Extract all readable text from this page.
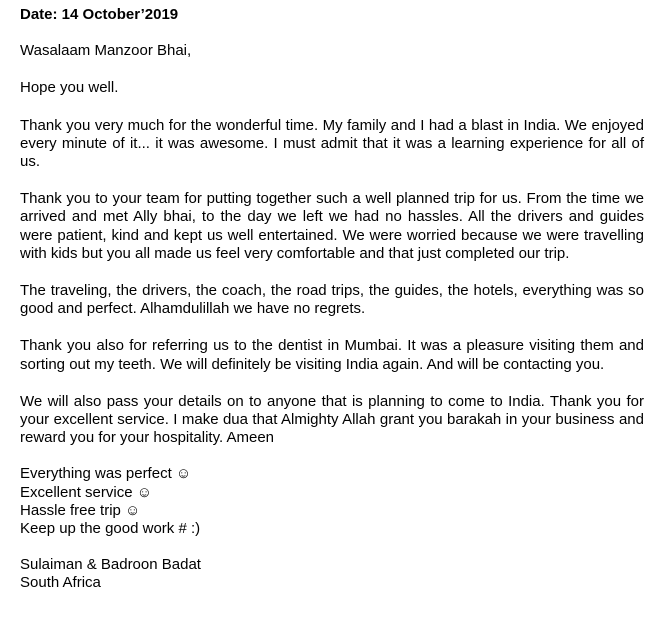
Date: 14 October’2019
Wasalaam Manzoor Bhai,
Hope you well.
Thank you very much for the wonderful time. My family and I had a blast in India. We enjoyed every minute of it... it was awesome. I must admit that it was a learning experience for all of us.
Thank you to your team for putting together such a well planned trip for us. From the time we arrived and met Ally bhai, to the day we left we had no hassles. All the drivers and guides were patient, kind and kept us well entertained. We were worried because we were travelling with kids but you all made us feel very comfortable and that just completed our trip.
The traveling, the drivers, the coach, the road trips, the guides, the hotels, everything was so good and perfect. Alhamdulillah we have no regrets.
Thank you also for referring us to the dentist in Mumbai. It was a pleasure visiting them and sorting out my teeth. We will definitely be visiting India again. And will be contacting you.
We will also pass your details on to anyone that is planning to come to India. Thank you for your excellent service. I make dua that Almighty Allah grant you barakah in your business and reward you for your hospitality. Ameen
Everything was perfect ☺
Excellent service ☺
Hassle free trip ☺
Keep up the good work # :)
Sulaiman & Badroon Badat
South Africa
